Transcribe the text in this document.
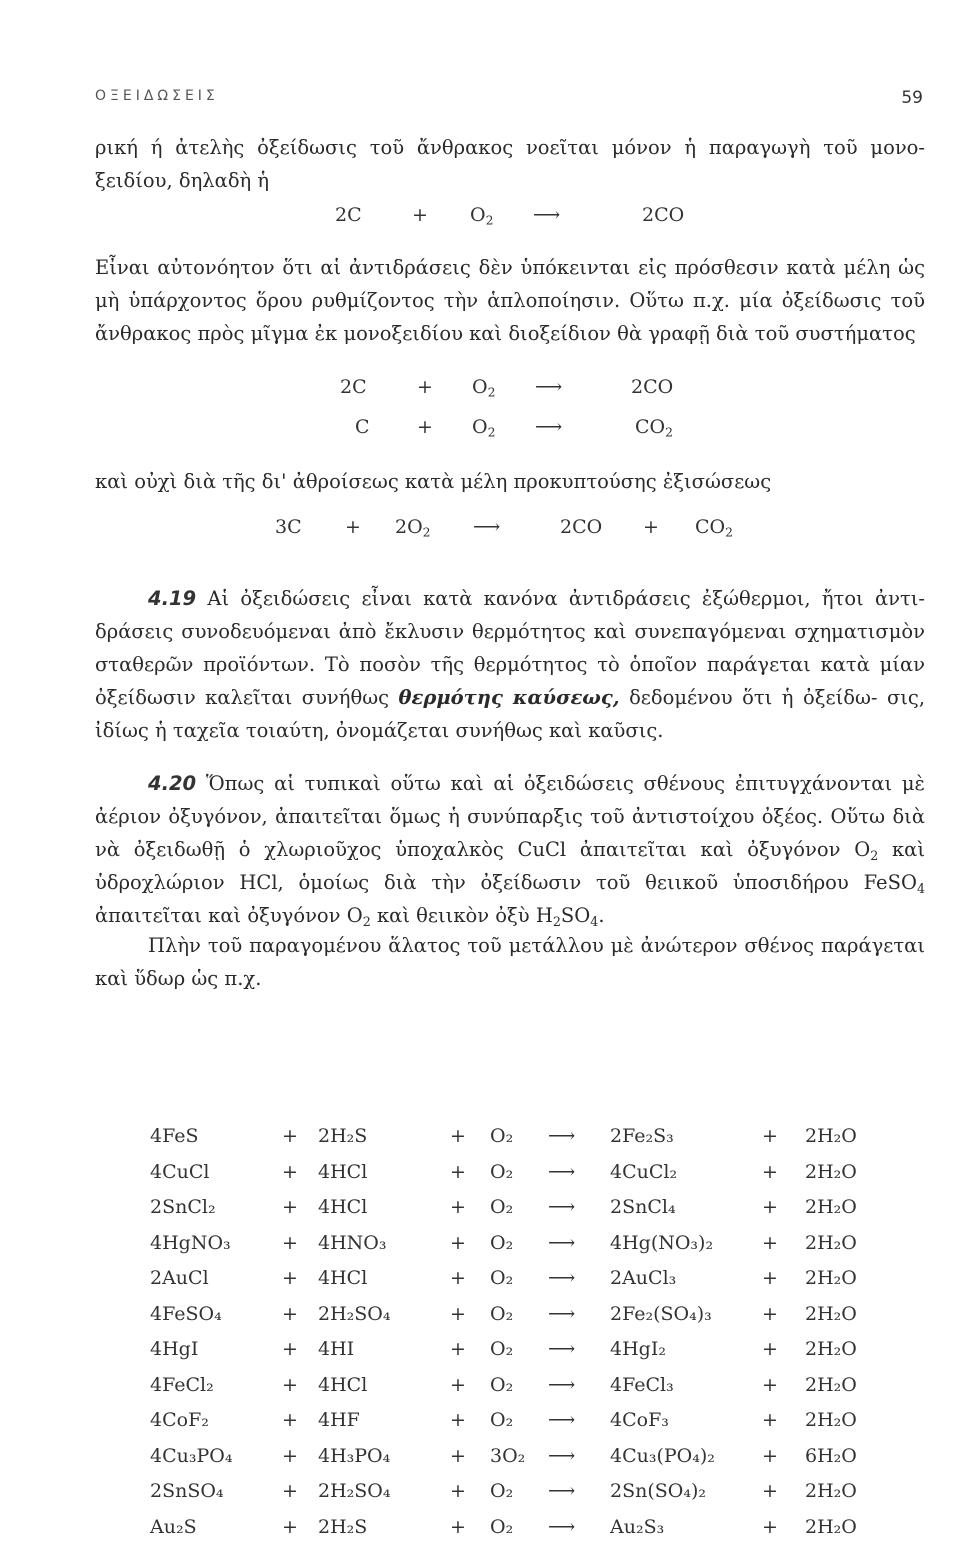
ΟΞΕΙΔΩΣΕΙΣ	59

ρική ή ἀτελὴς ὀξείδωσις τοῦ ἄνθρακος νοεῖται μόνον ἡ παραγωγὴ τοῦ μονο- ξειδίου, δηλαδὴ ἡ

2C	+ $O_2$ ⟶	2CO

Εἶναι αὐτονόητον ὅτι αἱ ἀντιδράσεις δὲν ὑπόκεινται εἰς πρόσθεσιν κατὰ μέλη ὡς μὴ ὑπάρχοντος ὅρου ρυθμίζοντος τὴν ἁπλοποίησιν. Οὕτω π.χ. μία ὀξείδωσις τοῦ ἄνθρακος πρὸς μῖγμα ἐκ μονοξειδίου καὶ διοξείδιον θὰ γραφῇ διὰ τοῦ συστήματος

2C	+ $O_2$ ⟶	2CO
$C + O_2$ ⟶	$CO_2$

καὶ οὐχὶ διὰ τῆς δι' ἀθροίσεως κατὰ μέλη προκυπτούσης ἐξισώσεως

$3C + 2O_2$ ⟶	$2CO + CO_2$

4.19 Αἱ ὀξειδώσεις εἶναι κατὰ κανόνα ἀντιδράσεις ἐξώθερμοι, ἤτοι ἀντι- δράσεις συνοδευόμεναι ἀπὸ ἔκλυσιν θερμότητος καὶ συνεπαγόμεναι σχηματισμὸν σταθερῶν προϊόντων. Τὸ ποσὸν τῆς θερμότητος τὸ ὁποῖον παράγεται κατὰ μίαν ὀξείδωσιν καλεῖται συνήθως θερμότης καύσεως, δεδομένου ὅτι ἡ ὀξείδω- σις, ἰδίως ἡ ταχεῖα τοιαύτη, ὀνομάζεται συνήθως καὶ καῦσις.

4.20 Ὅπως αἱ τυπικαὶ οὕτω καὶ αἱ ὀξειδώσεις σθένους ἐπιτυγχάνονται μὲ ἀέριον ὀξυγόνον, ἀπαιτεῖται ὅμως ἡ συνύπαρξις τοῦ ἀντιστοίχου ὀξέος. Οὕτω διὰ νὰ ὀξειδωθῇ ὁ χλωριοῦχος ὑποχαλκὸς CuCl ἀπαιτεῖται καὶ ὀξυγόνον $O_2$ καὶ ὑδροχλώριον HCl, ὁμοίως διὰ τὴν ὀξείδωσιν τοῦ θειικοῦ ὑποσιδήρου FeSO$_4$ ἀπαιτεῖται καὶ ὀξυγόνον $O_2$ καὶ θειικὸν ὀξὺ $H_2SO_4$.

Πλὴν τοῦ παραγομένου ἅλατος τοῦ μετάλλου μὲ ἀνώτερον σθένος παράγεται καὶ ὕδωρ ὡς π.χ.

4FeS	+ 2H₂S	+ O₂ ⟶ 2Fe₂S₃	+ 2H₂O
4CuCl	+ 4HCl	+ O₂ ⟶ 4CuCl₂	+ 2H₂O
2SnCl₂	+ 4HCl	+ O₂ ⟶ 2SnCl₄	+ 2H₂O
4HgNO₃	+ 4HNO₃	+ O₂ ⟶ 4Hg(NO₃)₂	+ 2H₂O
2AuCl	+ 4HCl	+ O₂ ⟶ 2AuCl₃	+ 2H₂O
4FeSO₄	+ 2H₂SO₄	+ O₂ ⟶ 2Fe₂(SO₄)₃	+ 2H₂O
4HgI	+ 4HI	+ O₂ ⟶ 4HgI₂	+ 2H₂O
4FeCl₂	+ 4HCl	+ O₂ ⟶ 4FeCl₃	+ 2H₂O
4CoF₂	+ 4HF	+ O₂ ⟶ 4CoF₃	+ 2H₂O
4Cu₃PO₄	+ 4H₃PO₄	+ 3O₂ ⟶ 4Cu₃(PO₄)₂ + 6H₂O
2SnSO₄	+ 2H₂SO₄	+ O₂ ⟶ 2Sn(SO₄)₂	+ 2H₂O
Au₂S	+ 2H₂S	+ O₂ ⟶ Au₂S₃	+ 2H₂O
